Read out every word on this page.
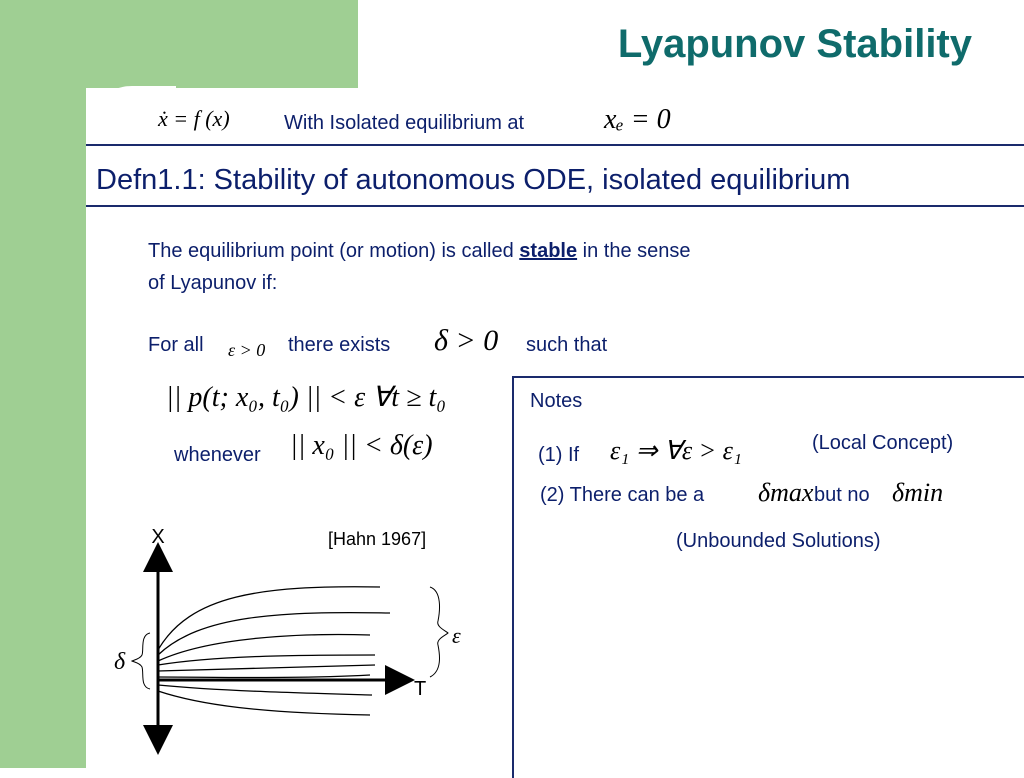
Lyapunov Stability
ẋ = f (x)	With Isolated equilibrium at	xₑ = 0
Defn1.1: Stability of autonomous ODE, isolated equilibrium
The equilibrium point (or motion) is called stable in the sense
of Lyapunov if:
For all ε > 0 there exists δ > 0 such that
|| p(t; x₀, t₀) || < ε ∀t ≥ t₀
whenever || x₀ || < δ(ε)
Notes
(1) If ε₁ ⇒ ∀ε > ε₁	(Local Concept)
(2) There can be a δmax but no δmin
(Unbounded Solutions)
X
T
[Hahn 1967]
ε
δ
